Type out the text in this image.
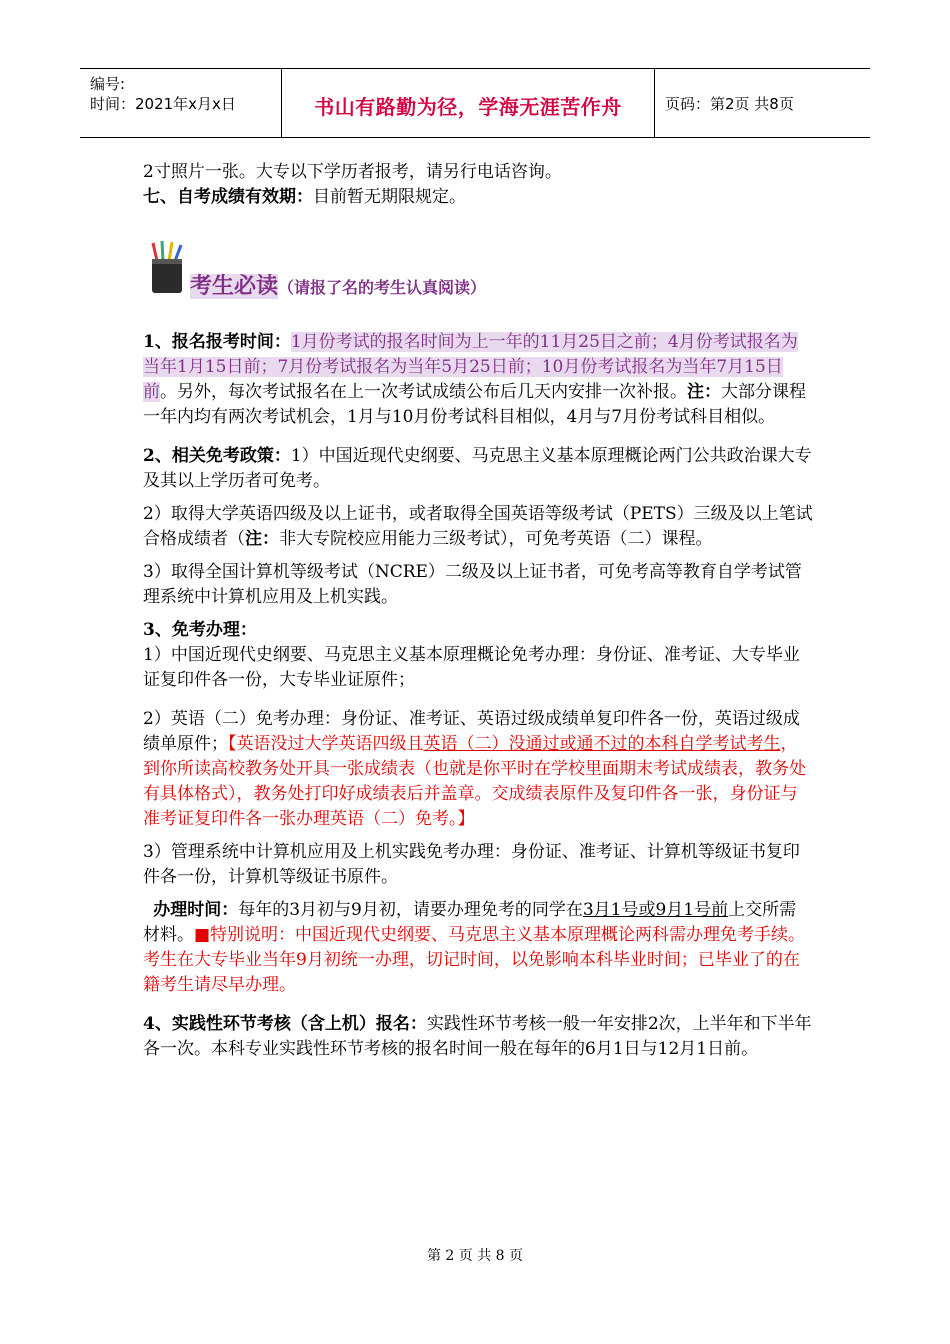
编号:
时间：2021年x月x日	书山有路勤为径，学海无涯苦作舟	页码：第2页 共8页

2寸照片一张。大专以下学历者报考，请另行电话咨询。

七、自考成绩有效期：目前暂无期限规定。

考生必读（请报了名的考生认真阅读）

1、报名报考时间：1月份考试的报名时间为上一年的11月25日之前；4月份考试报名为当年1月15日前；7月份考试报名为当年5月25日前；10月份考试报名为当年7月15日前。另外，每次考试报名在上一次考试成绩公布后几天内安排一次补报。注：大部分课程一年内均有两次考试机会，1月与10月份考试科目相似，4月与7月份考试科目相似。

2、相关免考政策：1）中国近现代史纲要、马克思主义基本原理概论两门公共政治课大专及其以上学历者可免考。

2）取得大学英语四级及以上证书，或者取得全国英语等级考试（PETS）三级及以上笔试合格成绩者（注：非大专院校应用能力三级考试），可免考英语（二）课程。

3）取得全国计算机等级考试（NCRE）二级及以上证书者，可免考高等教育自学考试管理系统中计算机应用及上机实践。

3、免考办理：

1）中国近现代史纲要、马克思主义基本原理概论免考办理：身份证、准考证、大专毕业证复印件各一份，大专毕业证原件；

2）英语（二）免考办理：身份证、准考证、英语过级成绩单复印件各一份，英语过级成绩单原件；【英语没过大学英语四级且英语（二）没通过或通不过的本科自学考试考生，到你所读高校教务处开具一张成绩表（也就是你平时在学校里面期末考试成绩表，教务处有具体格式），教务处打印好成绩表后并盖章。交成绩表原件及复印件各一张，身份证与准考证复印件各一张办理英语（二）免考。】

3）管理系统中计算机应用及上机实践免考办理：身份证、准考证、计算机等级证书复印件各一份，计算机等级证书原件。

办理时间：每年的3月初与9月初，请要办理免考的同学在3月1号或9月1号前上交所需材料。■特别说明：中国近现代史纲要、马克思主义基本原理概论两科需办理免考手续。考生在大专毕业当年9月初统一办理，切记时间，以免影响本科毕业时间；已毕业了的在籍考生请尽早办理。

4、实践性环节考核（含上机）报名：实践性环节考核一般一年安排2次，上半年和下半年各一次。本科专业实践性环节考核的报名时间一般在每年的6月1日与12月1日前。

第 2 页 共 8 页
